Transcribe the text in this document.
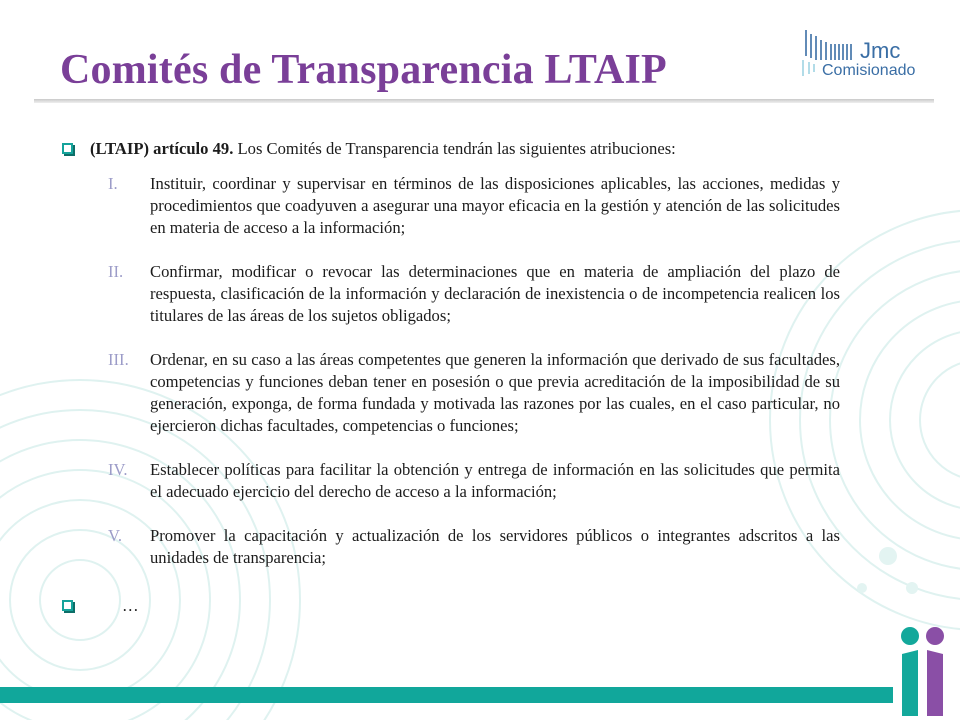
Comités de Transparencia LTAIP	Jmc
Comisionado

(LTAIP) artículo 49. Los Comités de Transparencia tendrán las siguientes atribuciones:

I. Instituir, coordinar y supervisar en términos de las disposiciones aplicables, las acciones, medidas y procedimientos que coadyuven a asegurar una mayor eficacia en la gestión y atención de las solicitudes en materia de acceso a la información;
II. Confirmar, modificar o revocar las determinaciones que en materia de ampliación del plazo de respuesta, clasificación de la información y declaración de inexistencia o de incompetencia realicen los titulares de las áreas de los sujetos obligados;
III. Ordenar, en su caso a las áreas competentes que generen la información que derivado de sus facultades, competencias y funciones deban tener en posesión o que previa acreditación de la imposibilidad de su generación, exponga, de forma fundada y motivada las razones por las cuales, en el caso particular, no ejercieron dichas facultades, competencias o funciones;
IV. Establecer políticas para facilitar la obtención y entrega de información en las solicitudes que permita el adecuado ejercicio del derecho de acceso a la información;
V. Promover la capacitación y actualización de los servidores públicos o integrantes adscritos a las unidades de transparencia;
…
